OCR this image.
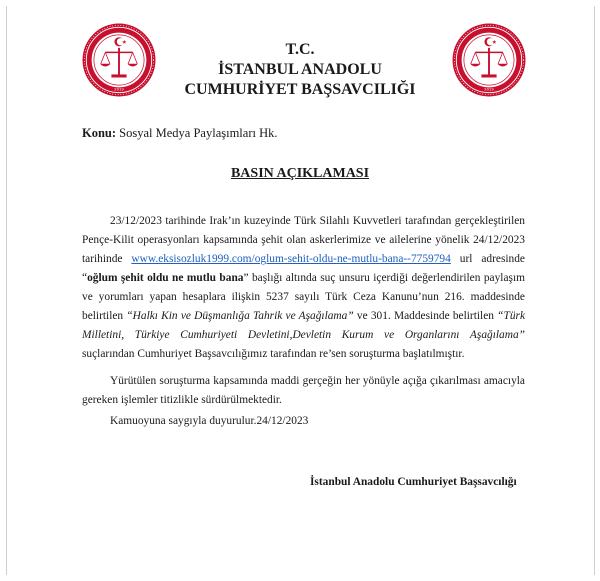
2019	2019
T.C.
İSTANBUL ANADOLU
CUMHURİYET BAŞSAVCILIĞI
Konu: Sosyal Medya Paylaşımları Hk.
BASIN AÇIKLAMASI

23/12/2023 tarihinde Irak’ın kuzeyinde Türk Silahlı Kuvvetleri tarafından gerçekleştirilen Pençe-Kilit operasyonları kapsamında şehit olan askerlerimize ve ailelerine yönelik 24/12/2023 tarihinde www.eksisozluk1999.com/oglum-sehit-oldu-ne-mutlu-bana--7759794 url adresinde “oğlum şehit oldu ne mutlu bana” başlığı altında suç unsuru içerdiği değerlendirilen paylaşım ve yorumları yapan hesaplara ilişkin 5237 sayılı Türk Ceza Kanunu’nun 216. maddesinde belirtilen “Halkı Kin ve Düşmanlığa Tahrik ve Aşağılama” ve 301. Maddesinde belirtilen “Türk Milletini, Türkiye Cumhuriyeti Devletini,Devletin Kurum ve Organlarını Aşağılama” suçlarından Cumhuriyet Başsavcılığımız tarafından re’sen soruşturma başlatılmıştır.

Yürütülen soruşturma kapsamında maddi gerçeğin her yönüyle açığa çıkarılması amacıyla gereken işlemler titizlikle sürdürülmektedir.

Kamuoyuna saygıyla duyurulur.24/12/2023

İstanbul Anadolu Cumhuriyet Başsavcılığı
